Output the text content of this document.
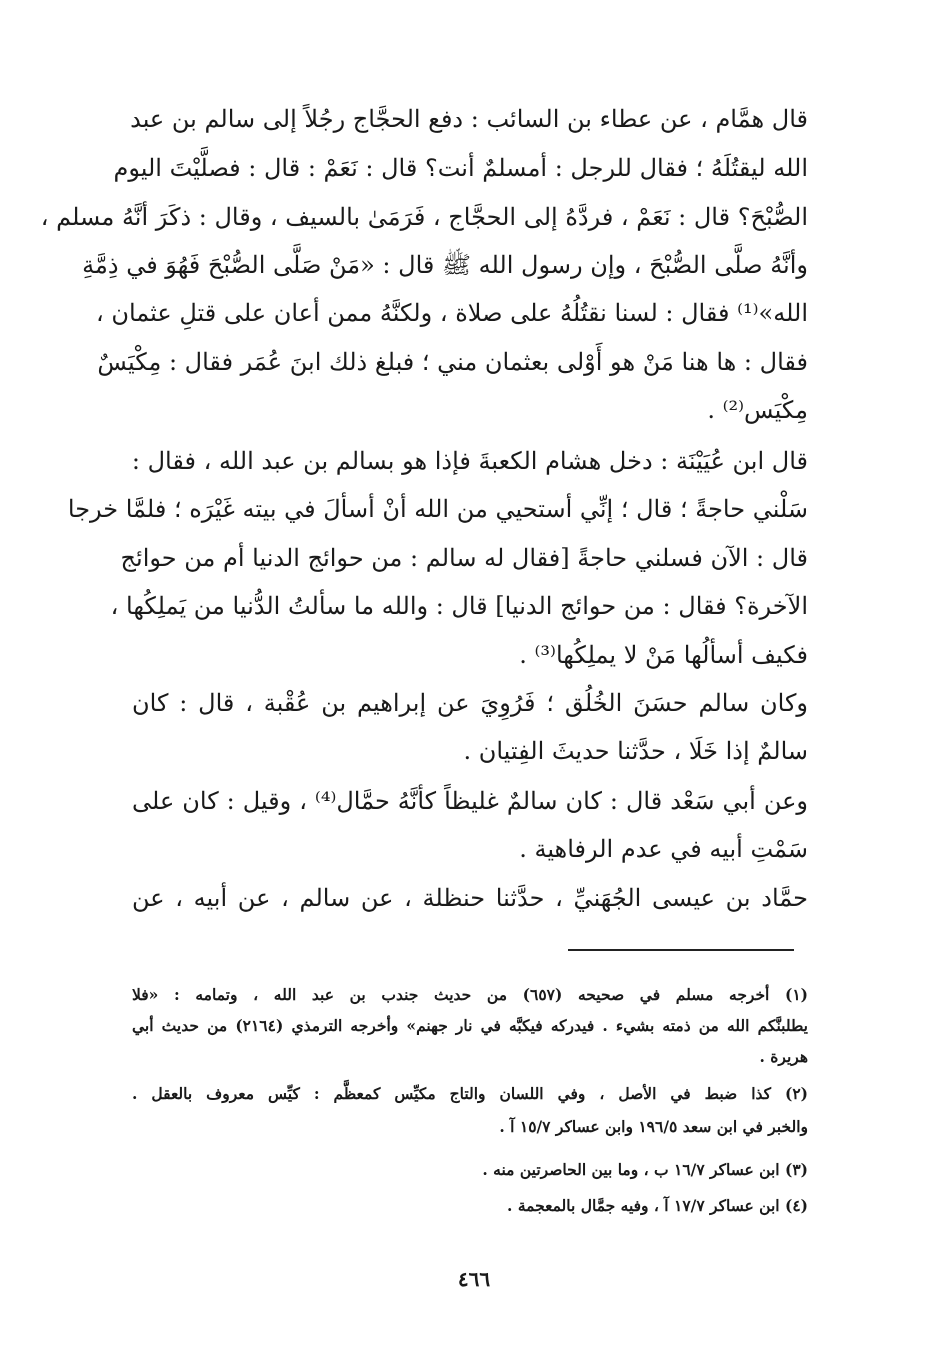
قال همَّام ، عن عطاء بن السائب : دفع الحجَّاج رجُلاً إلى سالم بن عبد
الله ليقتُلَهُ ؛ فقال للرجل : أمسلمٌ أنت؟ قال : نَعَمْ : قال : فصلَّيْتَ اليوم
الصُّبْحَ؟ قال : نَعَمْ ، فردَّهُ إلى الحجَّاج ، فَرَمَىٰ بالسيف ، وقال : ذكَرَ أنَّهُ مسلم ،
وأنَّهُ صلَّى الصُّبْحَ ، وإن رسول الله ﷺ قال : «مَنْ صَلَّى الصُّبْحَ فَهُوَ في ذِمَّةِ
الله»⁽¹⁾ فقال : لسنا نقتُلُهُ على صلاة ، ولكنَّهُ ممن أعان على قتلِ عثمان ،
فقال : ها هنا مَنْ هو أَوْلى بعثمان مني ؛ فبلغ ذلك ابنَ عُمَر فقال : مِكْيَسٌ
مِكْيَس⁽²⁾ .
قال ابن عُيَيْنَة : دخل هشام الكعبةَ فإذا هو بسالم بن عبد الله ، فقال :
سَلْني حاجةً ؛ قال ؛ إنِّي أستحيي من الله أنْ أسألَ في بيته غَيْرَه ؛ فلمَّا خرجا
قال : الآن فسلني حاجةً [فقال له سالم : من حوائج الدنيا أم من حوائج
الآخرة؟ فقال : من حوائج الدنيا] قال : والله ما سألتُ الدُّنيا من يَملِكُها ،
فكيف أسألُها مَنْ لا يملِكُها⁽³⁾ .
وكان سالم حسَنَ الخُلُق ؛ فَرُوِيَ عن إبراهيم بن عُقْبة ، قال : كان
سالمٌ إذا خَلَا ، حدَّثنا حديثَ الفِتيان .
وعن أبي سَعْد قال : كان سالمٌ غليظاً كأنَّهُ حمَّال⁽⁴⁾ ، وقيل : كان على
سَمْتِ أبيه في عدم الرفاهية .
حمَّاد بن عيسى الجُهَنيِّ ، حدَّثنا حنظلة ، عن سالم ، عن أبيه ، عن
(١) أخرجه مسلم في صحيحه (٦٥٧) من حديث جندب بن عبد الله ، وتمامه : «فلا
يطلبنَّكم الله من ذمته بشيء . فيدركه فيكبَّه في نار جهنم» وأخرجه الترمذي (٢١٦٤) من حديث أبي
هريرة .
(٢) كذا ضبط في الأصل ، وفي اللسان والتاج مكيِّس كمعظَّم : كيِّس معروف بالعقل .
والخبر في ابن سعد ١٩٦/٥ وابن عساكر ١٥/٧ آ .
(٣) ابن عساكر ١٦/٧ ب ، وما بين الحاصرتين منه .
(٤) ابن عساكر ١٧/٧ آ ، وفيه جمَّال بالمعجمة .
٤٦٦
